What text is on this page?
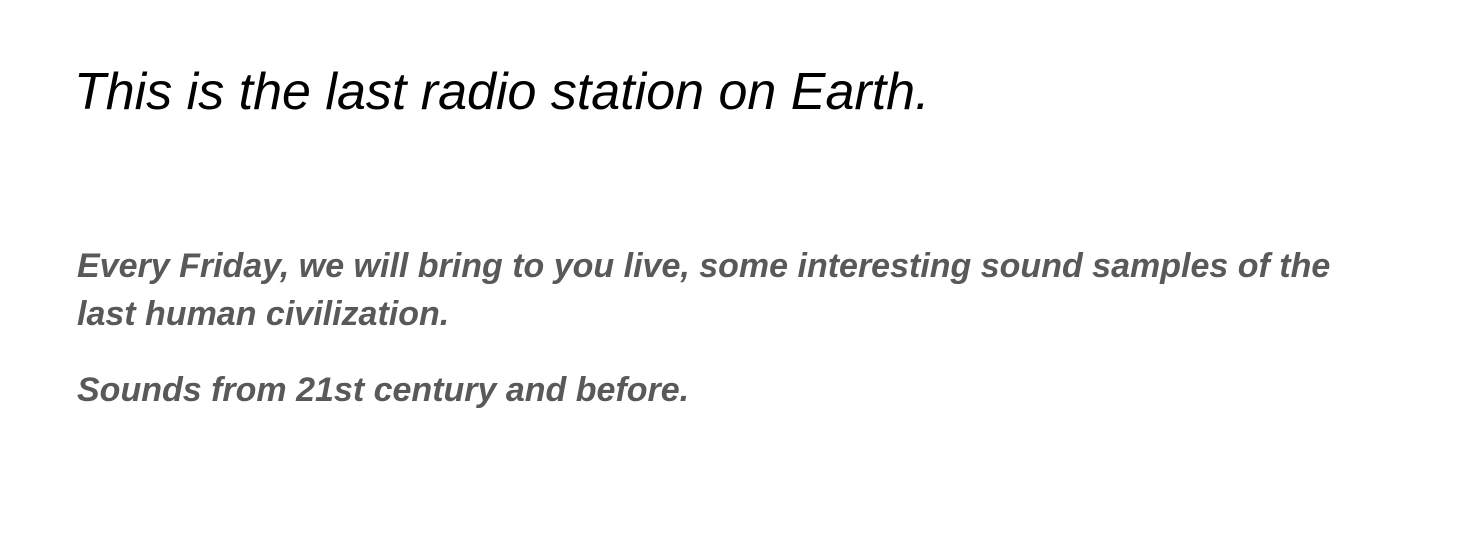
This is the last radio station on Earth.

Every Friday, we will bring to you live, some interesting sound samples of the last human civilization.

Sounds from 21st century and before.
